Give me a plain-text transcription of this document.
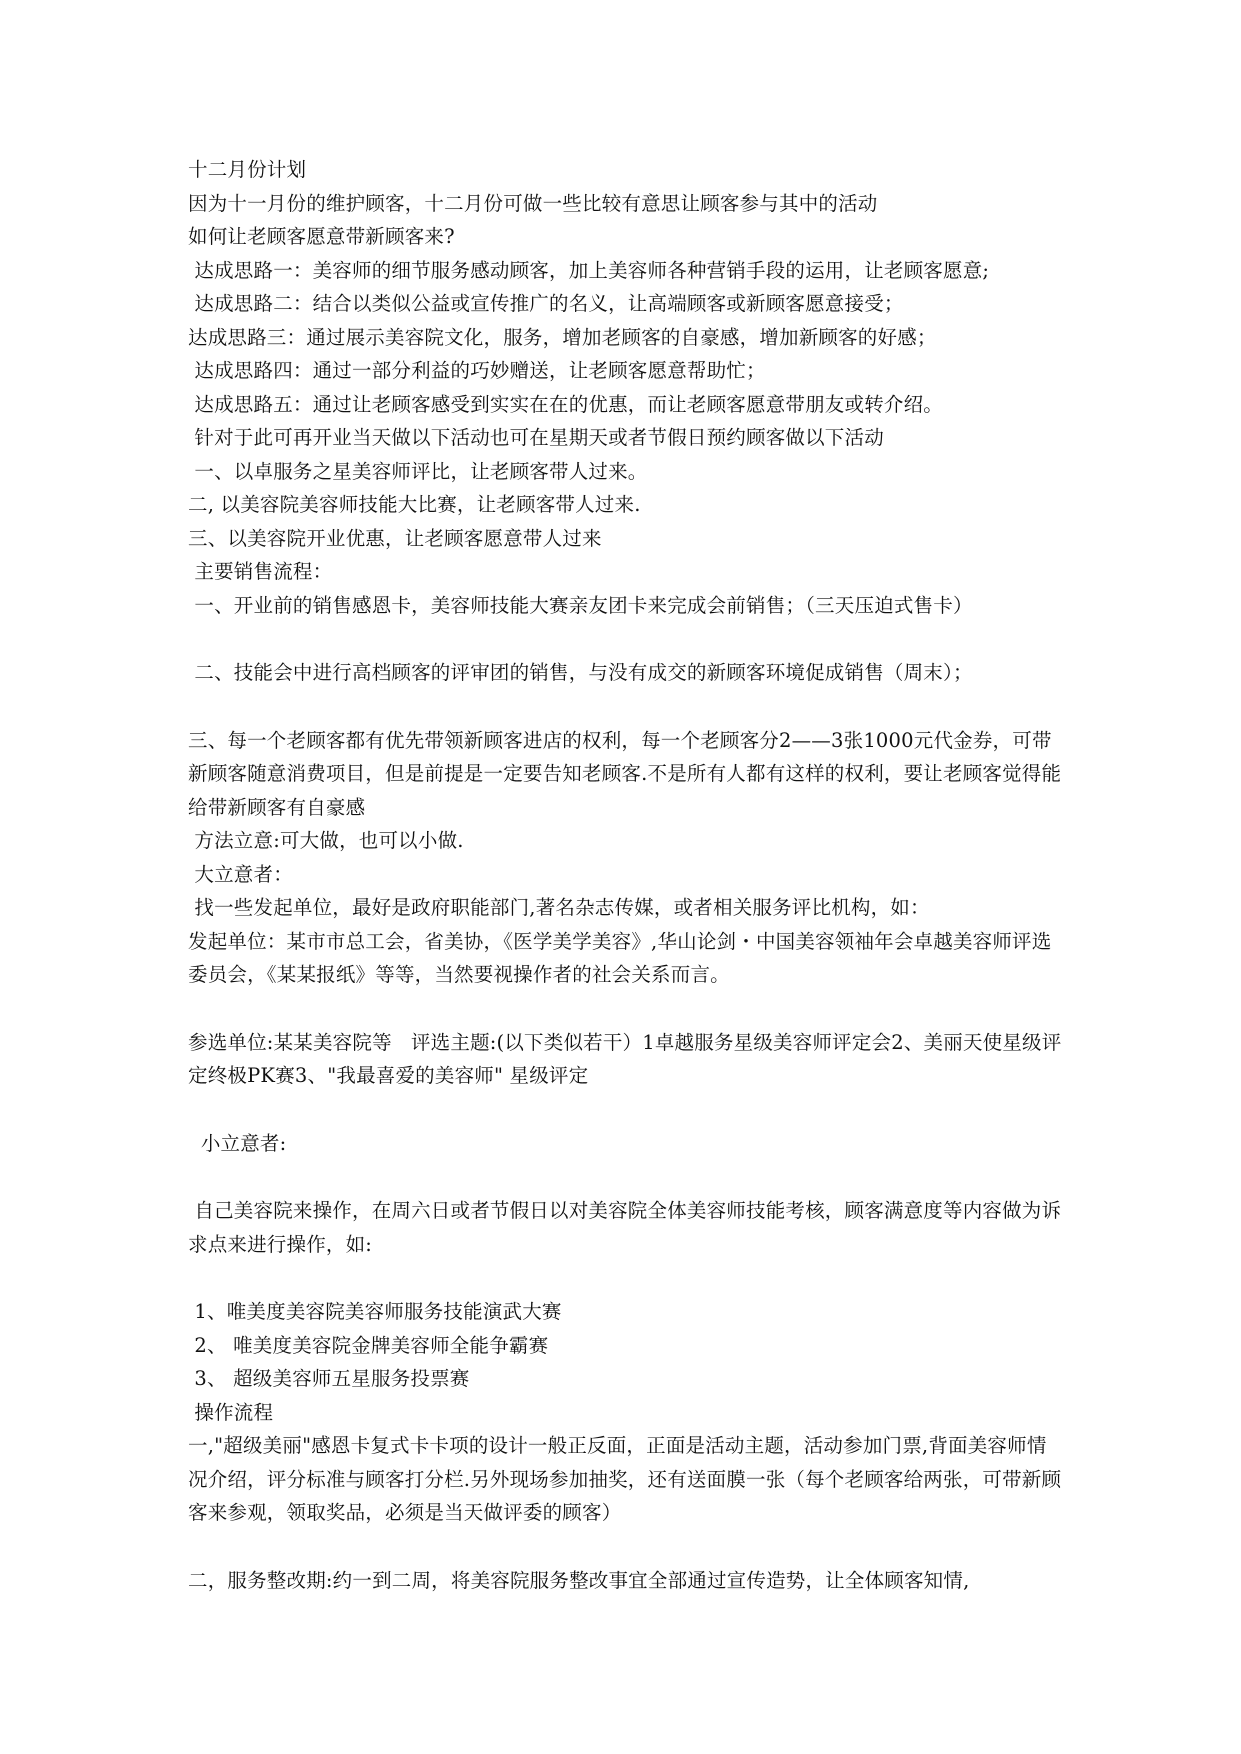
十二月份计划

因为十一月份的维护顾客，十二月份可做一些比较有意思让顾客参与其中的活动

如何让老顾客愿意带新顾客来?

达成思路一：美容师的细节服务感动顾客，加上美容师各种营销手段的运用，让老顾客愿意;

达成思路二：结合以类似公益或宣传推广的名义，让高端顾客或新顾客愿意接受；

达成思路三：通过展示美容院文化，服务，增加老顾客的自豪感，增加新顾客的好感；

达成思路四：通过一部分利益的巧妙赠送，让老顾客愿意帮助忙；

达成思路五：通过让老顾客感受到实实在在的优惠，而让老顾客愿意带朋友或转介绍。

针对于此可再开业当天做以下活动也可在星期天或者节假日预约顾客做以下活动

一、以卓服务之星美容师评比，让老顾客带人过来。

二, 以美容院美容师技能大比赛，让老顾客带人过来.

三、以美容院开业优惠，让老顾客愿意带人过来

主要销售流程：

一、开业前的销售感恩卡，美容师技能大赛亲友团卡来完成会前销售；（三天压迫式售卡）

二、技能会中进行高档顾客的评审团的销售，与没有成交的新顾客环境促成销售（周末）；

三、每一个老顾客都有优先带领新顾客进店的权利，每一个老顾客分2——3张1000元代金券，可带新顾客随意消费项目，但是前提是一定要告知老顾客.不是所有人都有这样的权利，要让老顾客觉得能给带新顾客有自豪感

方法立意:可大做，也可以小做.

大立意者：

找一些发起单位，最好是政府职能部门,著名杂志传媒，或者相关服务评比机构，如：

发起单位：某市市总工会，省美协，《医学美学美容》,华山论剑・中国美容领袖年会卓越美容师评选委员会，《某某报纸》等等，当然要视操作者的社会关系而言。

参选单位:某某美容院等   评选主题:(以下类似若干）1卓越服务星级美容师评定会2、美丽天使星级评定终极PK赛3、"我最喜爱的美容师" 星级评定

小立意者:

自己美容院来操作，在周六日或者节假日以对美容院全体美容师技能考核，顾客满意度等内容做为诉求点来进行操作，如:

1、唯美度美容院美容师服务技能演武大赛

2、 唯美度美容院金牌美容师全能争霸赛

3、 超级美容师五星服务投票赛

操作流程

一,"超级美丽"感恩卡复式卡卡项的设计一般正反面，正面是活动主题，活动参加门票,背面美容师情况介绍，评分标准与顾客打分栏.另外现场参加抽奖，还有送面膜一张（每个老顾客给两张，可带新顾客来参观，领取奖品，必须是当天做评委的顾客）

二，服务整改期:约一到二周，将美容院服务整改事宜全部通过宣传造势，让全体顾客知情,
